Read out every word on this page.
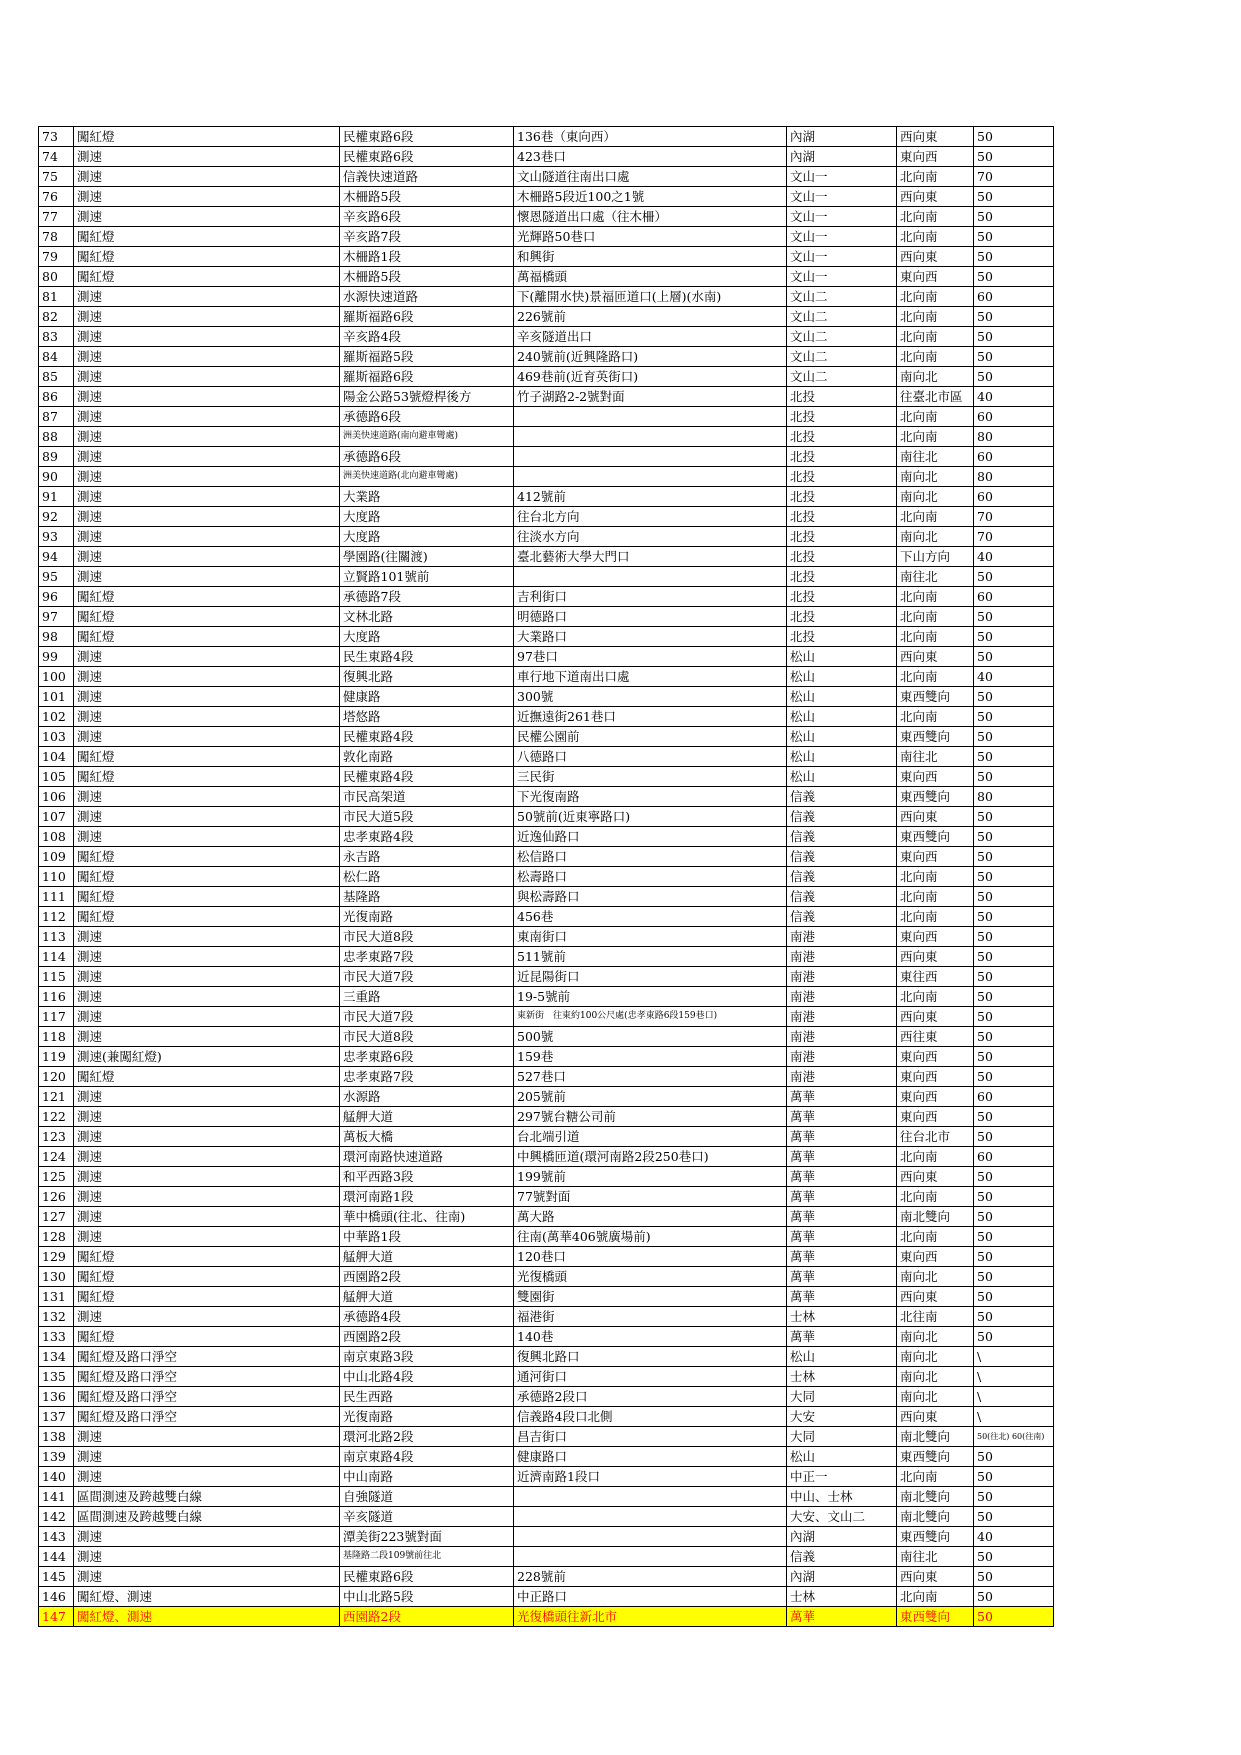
73	闖紅燈	民權東路6段	136巷（東向西）	內湖	西向東	50
74	測速	民權東路6段	423巷口	內湖	東向西	50
75	測速	信義快速道路	文山隧道往南出口處	文山一	北向南	70
76	測速	木柵路5段	木柵路5段近100之1號	文山一	西向東	50
77	測速	辛亥路6段	懷恩隧道出口處（往木柵）	文山一	北向南	50
78	闖紅燈	辛亥路7段	光輝路50巷口	文山一	北向南	50
79	闖紅燈	木柵路1段	和興街	文山一	西向東	50
80	闖紅燈	木柵路5段	萬福橋頭	文山一	東向西	50
81	測速	水源快速道路	下(離開水快)景福匝道口(上層)(水南)	文山二	北向南	60
82	測速	羅斯福路6段	226號前	文山二	北向南	50
83	測速	辛亥路4段	辛亥隧道出口	文山二	北向南	50
84	測速	羅斯福路5段	240號前(近興隆路口)	文山二	北向南	50
85	測速	羅斯福路6段	469巷前(近育英街口)	文山二	南向北	50
86	測速	陽金公路53號燈桿後方	竹子湖路2-2號對面	北投	往臺北市區	40
87	測速	承德路6段		北投	北向南	60
88	測速	洲美快速道路(南向避車彎處)		北投	北向南	80
89	測速	承德路6段		北投	南往北	60
90	測速	洲美快速道路(北向避車彎處)		北投	南向北	80
91	測速	大業路	412號前	北投	南向北	60
92	測速	大度路	往台北方向	北投	北向南	70
93	測速	大度路	往淡水方向	北投	南向北	70
94	測速	學園路(往關渡)	臺北藝術大學大門口	北投	下山方向	40
95	測速	立賢路101號前		北投	南往北	50
96	闖紅燈	承德路7段	吉利街口	北投	北向南	60
97	闖紅燈	文林北路	明德路口	北投	北向南	50
98	闖紅燈	大度路	大業路口	北投	北向南	50
99	測速	民生東路4段	97巷口	松山	西向東	50
100	測速	復興北路	車行地下道南出口處	松山	北向南	40
101	測速	健康路	300號	松山	東西雙向	50
102	測速	塔悠路	近撫遠街261巷口	松山	北向南	50
103	測速	民權東路4段	民權公園前	松山	東西雙向	50
104	闖紅燈	敦化南路	八德路口	松山	南往北	50
105	闖紅燈	民權東路4段	三民街	松山	東向西	50
106	測速	市民高架道	下光復南路	信義	東西雙向	80
107	測速	市民大道5段	50號前(近東寧路口)	信義	西向東	50
108	測速	忠孝東路4段	近逸仙路口	信義	東西雙向	50
109	闖紅燈	永吉路	松信路口	信義	東向西	50
110	闖紅燈	松仁路	松壽路口	信義	北向南	50
111	闖紅燈	基隆路	與松壽路口	信義	北向南	50
112	闖紅燈	光復南路	456巷	信義	北向南	50
113	測速	市民大道8段	東南街口	南港	東向西	50
114	測速	忠孝東路7段	511號前	南港	西向東	50
115	測速	市民大道7段	近昆陽街口	南港	東往西	50
116	測速	三重路	19-5號前	南港	北向南	50
117	測速	市民大道7段	東新街　往東約100公尺處(忠孝東路6段159巷口)	南港	西向東	50
118	測速	市民大道8段	500號	南港	西往東	50
119	測速(兼闖紅燈)	忠孝東路6段	159巷	南港	東向西	50
120	闖紅燈	忠孝東路7段	527巷口	南港	東向西	50
121	測速	水源路	205號前	萬華	東向西	60
122	測速	艋舺大道	297號台糖公司前	萬華	東向西	50
123	測速	萬板大橋	台北端引道	萬華	往台北市	50
124	測速	環河南路快速道路	中興橋匝道(環河南路2段250巷口)	萬華	北向南	60
125	測速	和平西路3段	199號前	萬華	西向東	50
126	測速	環河南路1段	77號對面	萬華	北向南	50
127	測速	華中橋頭(往北、往南)	萬大路	萬華	南北雙向	50
128	測速	中華路1段	往南(萬華406號廣場前)	萬華	北向南	50
129	闖紅燈	艋舺大道	120巷口	萬華	東向西	50
130	闖紅燈	西園路2段	光復橋頭	萬華	南向北	50
131	闖紅燈	艋舺大道	雙園街	萬華	西向東	50
132	測速	承德路4段	福港街	士林	北往南	50
133	闖紅燈	西園路2段	140巷	萬華	南向北	50
134	闖紅燈及路口淨空	南京東路3段	復興北路口	松山	南向北	\
135	闖紅燈及路口淨空	中山北路4段	通河街口	士林	南向北	\
136	闖紅燈及路口淨空	民生西路	承德路2段口	大同	南向北	\
137	闖紅燈及路口淨空	光復南路	信義路4段口北側	大安	西向東	\
138	測速	環河北路2段	昌吉街口	大同	南北雙向	50(往北) 60(往南)
139	測速	南京東路4段	健康路口	松山	東西雙向	50
140	測速	中山南路	近濟南路1段口	中正一	北向南	50
141	區間測速及跨越雙白線	自強隧道		中山、士林	南北雙向	50
142	區間測速及跨越雙白線	辛亥隧道		大安、文山二	南北雙向	50
143	測速	潭美街223號對面		內湖	東西雙向	40
144	測速	基隆路二段109號前往北		信義	南往北	50
145	測速	民權東路6段	228號前	內湖	西向東	50
146	闖紅燈、測速	中山北路5段	中正路口	士林	北向南	50
147	闖紅燈、測速	西園路2段	光復橋頭往新北市	萬華	東西雙向	50
